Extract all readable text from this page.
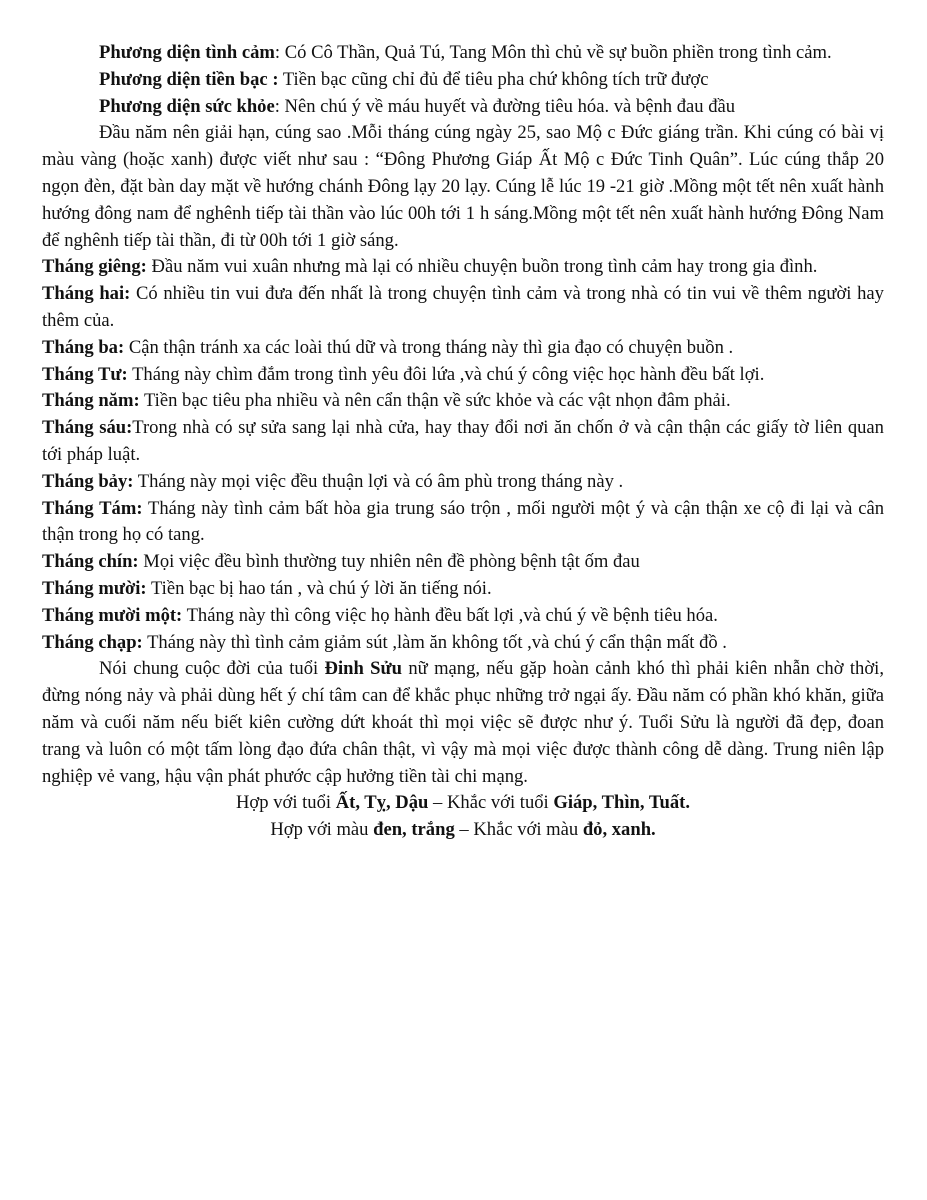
Phương diện tình cảm: Có Cô Thần, Quả Tú, Tang Môn thì chủ về sự buồn phiền trong tình cảm.

Phương diện tiền bạc : Tiền bạc cũng chỉ đủ để tiêu pha chứ không tích trữ được

Phương diện sức khỏe: Nên chú ý về máu huyết và đường tiêu hóa. và bệnh đau đầu

Đầu năm nên giải hạn, cúng sao .Mỗi tháng cúng ngày 25, sao Mộ c Đức giáng trần. Khi cúng có bài vị màu vàng (hoặc xanh) được viết như sau : “Đông Phương Giáp Ất Mộ c Đức Tinh Quân”. Lúc cúng thắp 20 ngọn đèn, đặt bàn day mặt về hướng chánh Đông lạy 20 lạy. Cúng lễ lúc 19 -21 giờ .Mồng một tết nên xuất hành hướng đông nam để nghênh tiếp tài thần vào lúc 00h tới 1 h sáng.Mồng một tết nên xuất hành hướng Đông Nam để nghênh tiếp tài thần, đi từ 00h tới 1 giờ sáng.

Tháng giêng: Đầu năm vui xuân nhưng mà lại có nhiều chuyện buồn trong tình cảm hay trong gia đình.

Tháng hai: Có nhiều tin vui đưa đến nhất là trong chuyện tình cảm và trong nhà có tin vui về thêm người hay thêm của.

Tháng ba: Cận thận tránh xa các loài thú dữ và trong tháng này thì gia đạo có chuyện buồn .

Tháng Tư: Tháng này chìm đắm trong tình yêu đôi lứa ,và chú ý công việc học hành đều bất lợi.

Tháng năm: Tiền bạc tiêu pha nhiều và nên cẩn thận về sức khỏe và các vật nhọn đâm phải.

Tháng sáu:Trong nhà có sự sửa sang lại nhà cửa, hay thay đổi nơi ăn chốn ở và cận thận các giấy tờ liên quan tới pháp luật.

Tháng bảy: Tháng này mọi việc đều thuận lợi và có âm phù trong tháng này .

Tháng Tám: Tháng này tình cảm bất hòa gia trung sáo trộn , mối người một ý và cận thận xe cộ đi lại và cân thận trong họ có tang.

Tháng chín: Mọi việc đều bình thường tuy nhiên nên đề phòng bệnh tật ốm đau

Tháng mười: Tiền bạc bị hao tán , và chú ý lời ăn tiếng nói.

Tháng mười một: Tháng này thì công việc họ hành đều bất lợi ,và chú ý về bệnh tiêu hóa.

Tháng chạp: Tháng này thì tình cảm giảm sút ,làm ăn không tốt ,và chú ý cẩn thận mất đồ .

Nói chung cuộc đời của tuổi Đinh Sửu nữ mạng, nếu gặp hoàn cảnh khó thì phải kiên nhẫn chờ thời, đừng nóng nảy và phải dùng hết ý chí tâm can để khắc phục những trở ngại ấy. Đầu năm có phần khó khăn, giữa năm và cuối năm nếu biết kiên cường dứt khoát thì mọi việc sẽ được như ý. Tuổi Sửu là người đã đẹp, đoan trang và luôn có một tấm lòng đạo đứa chân thật, vì vậy mà mọi việc được thành công dễ dàng. Trung niên lập nghiệp vẻ vang, hậu vận phát phước cập hưởng tiền tài chi mạng.

Hợp với tuổi Ất, Tỵ, Dậu – Khắc với tuổi Giáp, Thìn, Tuất.

Hợp với màu đen, trắng – Khắc với màu đỏ, xanh.
